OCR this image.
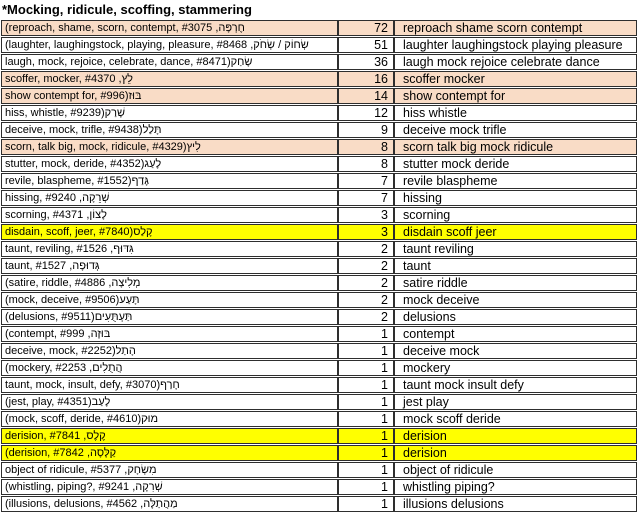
*Mocking, ridicule, scoffing, stammering
(reproach, shame, scorn, contempt, #3075 ,חֶרְפָּה	72	reproach shame scorn contempt
(laughter, laughingstock, playing, pleasure, #8468 ,שְׂחוֹק / שְׂחֹק	51	laughter laughingstock playing pleasure
laugh, mock, rejoice, celebrate, dance, #8471)שָׂחַק	36	laugh mock rejoice celebrate dance
scoffer, mocker, #4370 ,לֵץ	16	scoffer mocker
show contempt for, #996)בּוּז	14	show contempt for
hiss, whistle, #9239)שָׁרַק	12	hiss whistle
deceive, mock, trifle, #9438)תָּלַל	9	deceive mock trifle
scorn, talk big, mock, ridicule, #4329)לִיץ	8	scorn talk big mock ridicule
stutter, mock, deride, #4352)לָעַג	8	stutter mock deride
revile, blaspheme, #1552)גָּדַף	7	revile blaspheme
hissing, #9240 ,שְׁרֵקָה	7	hissing
scorning, #4371 ,לָצוֹן	3	scorning
disdain, scoff, jeer, #7840)קָלַס	3	disdain scoff jeer
taunt, reviling, #1526 ,גִּדּוּף	2	taunt reviling
taunt, #1527 ,גְּדוּפָה	2	taunt
(satire, riddle, #4886 ,מְלִיצָה	2	satire riddle
(mock, deceive, #9506)תָּעַע	2	mock deceive
(delusions, #9511)תַּעְתֻּעִים	2	delusions
(contempt, #999 ,בּוּזָה	1	contempt
deceive, mock, #2252)הָתַל	1	deceive mock
(mockery, #2253 ,הֲתֻלִים	1	mockery
taunt, mock, insult, defy, #3070)חָרַף	1	taunt mock insult defy
(jest, play, #4351)לָעַב	1	jest play
(mock, scoff, deride, #4610)מוּק	1	mock scoff deride
derision, #7841 ,קֶלֶס	1	derision
(derision, #7842 ,קַלָּסָה	1	derision
object of ridicule, #5377 ,מִשְׂחָק	1	object of ridicule
(whistling, piping?, #9241 ,שְׁרִקָה	1	whistling piping?
(illusions, delusions, #4562 ,מַהֲתַלָּה	1	illusions delusions
